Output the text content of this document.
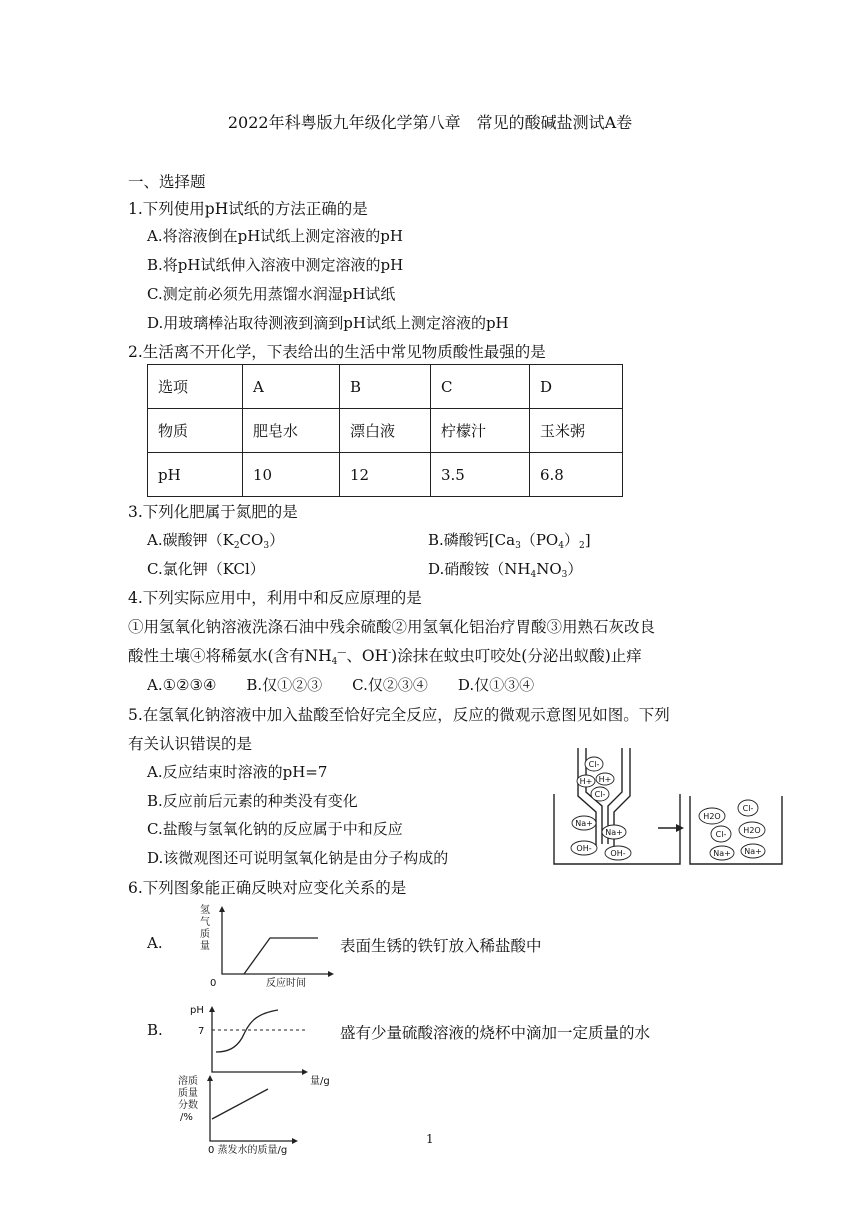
2022年科粤版九年级化学第八章　常见的酸碱盐测试A卷
一、选择题
1.下列使用pH试纸的方法正确的是
A.将溶液倒在pH试纸上测定溶液的pH
B.将pH试纸伸入溶液中测定溶液的pH
C.测定前必须先用蒸馏水润湿pH试纸
D.用玻璃棒沾取待测液到滴到pH试纸上测定溶液的pH
2.生活离不开化学，下表给出的生活中常见物质酸性最强的是
选项	A	B	C	D
物质	肥皂水	漂白液	柠檬汁	玉米粥
pH	10	12	3.5	6.8
3.下列化肥属于氮肥的是
A.碳酸钾$(K_2CO_3)$	B.磷酸钙$[Ca_3(PO_4)_2]$
C.氯化钾（KCl）	D.硝酸铵$(NH_4NO_3)$
4.下列实际应用中，利用中和反应原理的是
①用氢氧化钠溶液洗涤石油中残余硫酸②用氢氧化铝治疗胃酸③用熟石灰改良
酸性土壤④将稀氨水(含有$NH_4^—$、OH-)涂抹在蚊虫叮咬处(分泌出蚁酸)止痒
A.①②③④　　B.仅①②③　　C.仅②③④　　D.仅①③④
5.在氢氧化钠溶液中加入盐酸至恰好完全反应，反应的微观示意图见如图。下列
有关认识错误的是
A.反应结束时溶液的pH=7
B.反应前后元素的种类没有变化
C.盐酸与氢氧化钠的反应属于中和反应
D.该微观图还可说明氢氧化钠是由分子构成的
Cl-
H+ H+
Cl-
Na+
Na+
OH-
OH-
H2O
Cl-
Cl- H2O
Na+ Na+
6.下列图象能正确反映对应变化关系的是
A.
氢
气
质
量
0	反应时间
表面生锈的铁钉放入稀盐酸中
B.
pH
7
量/g
盛有少量硫酸溶液的烧杯中滴加一定质量的水
溶质
质量
分数
/%
0 蒸发水的质量/g
1
